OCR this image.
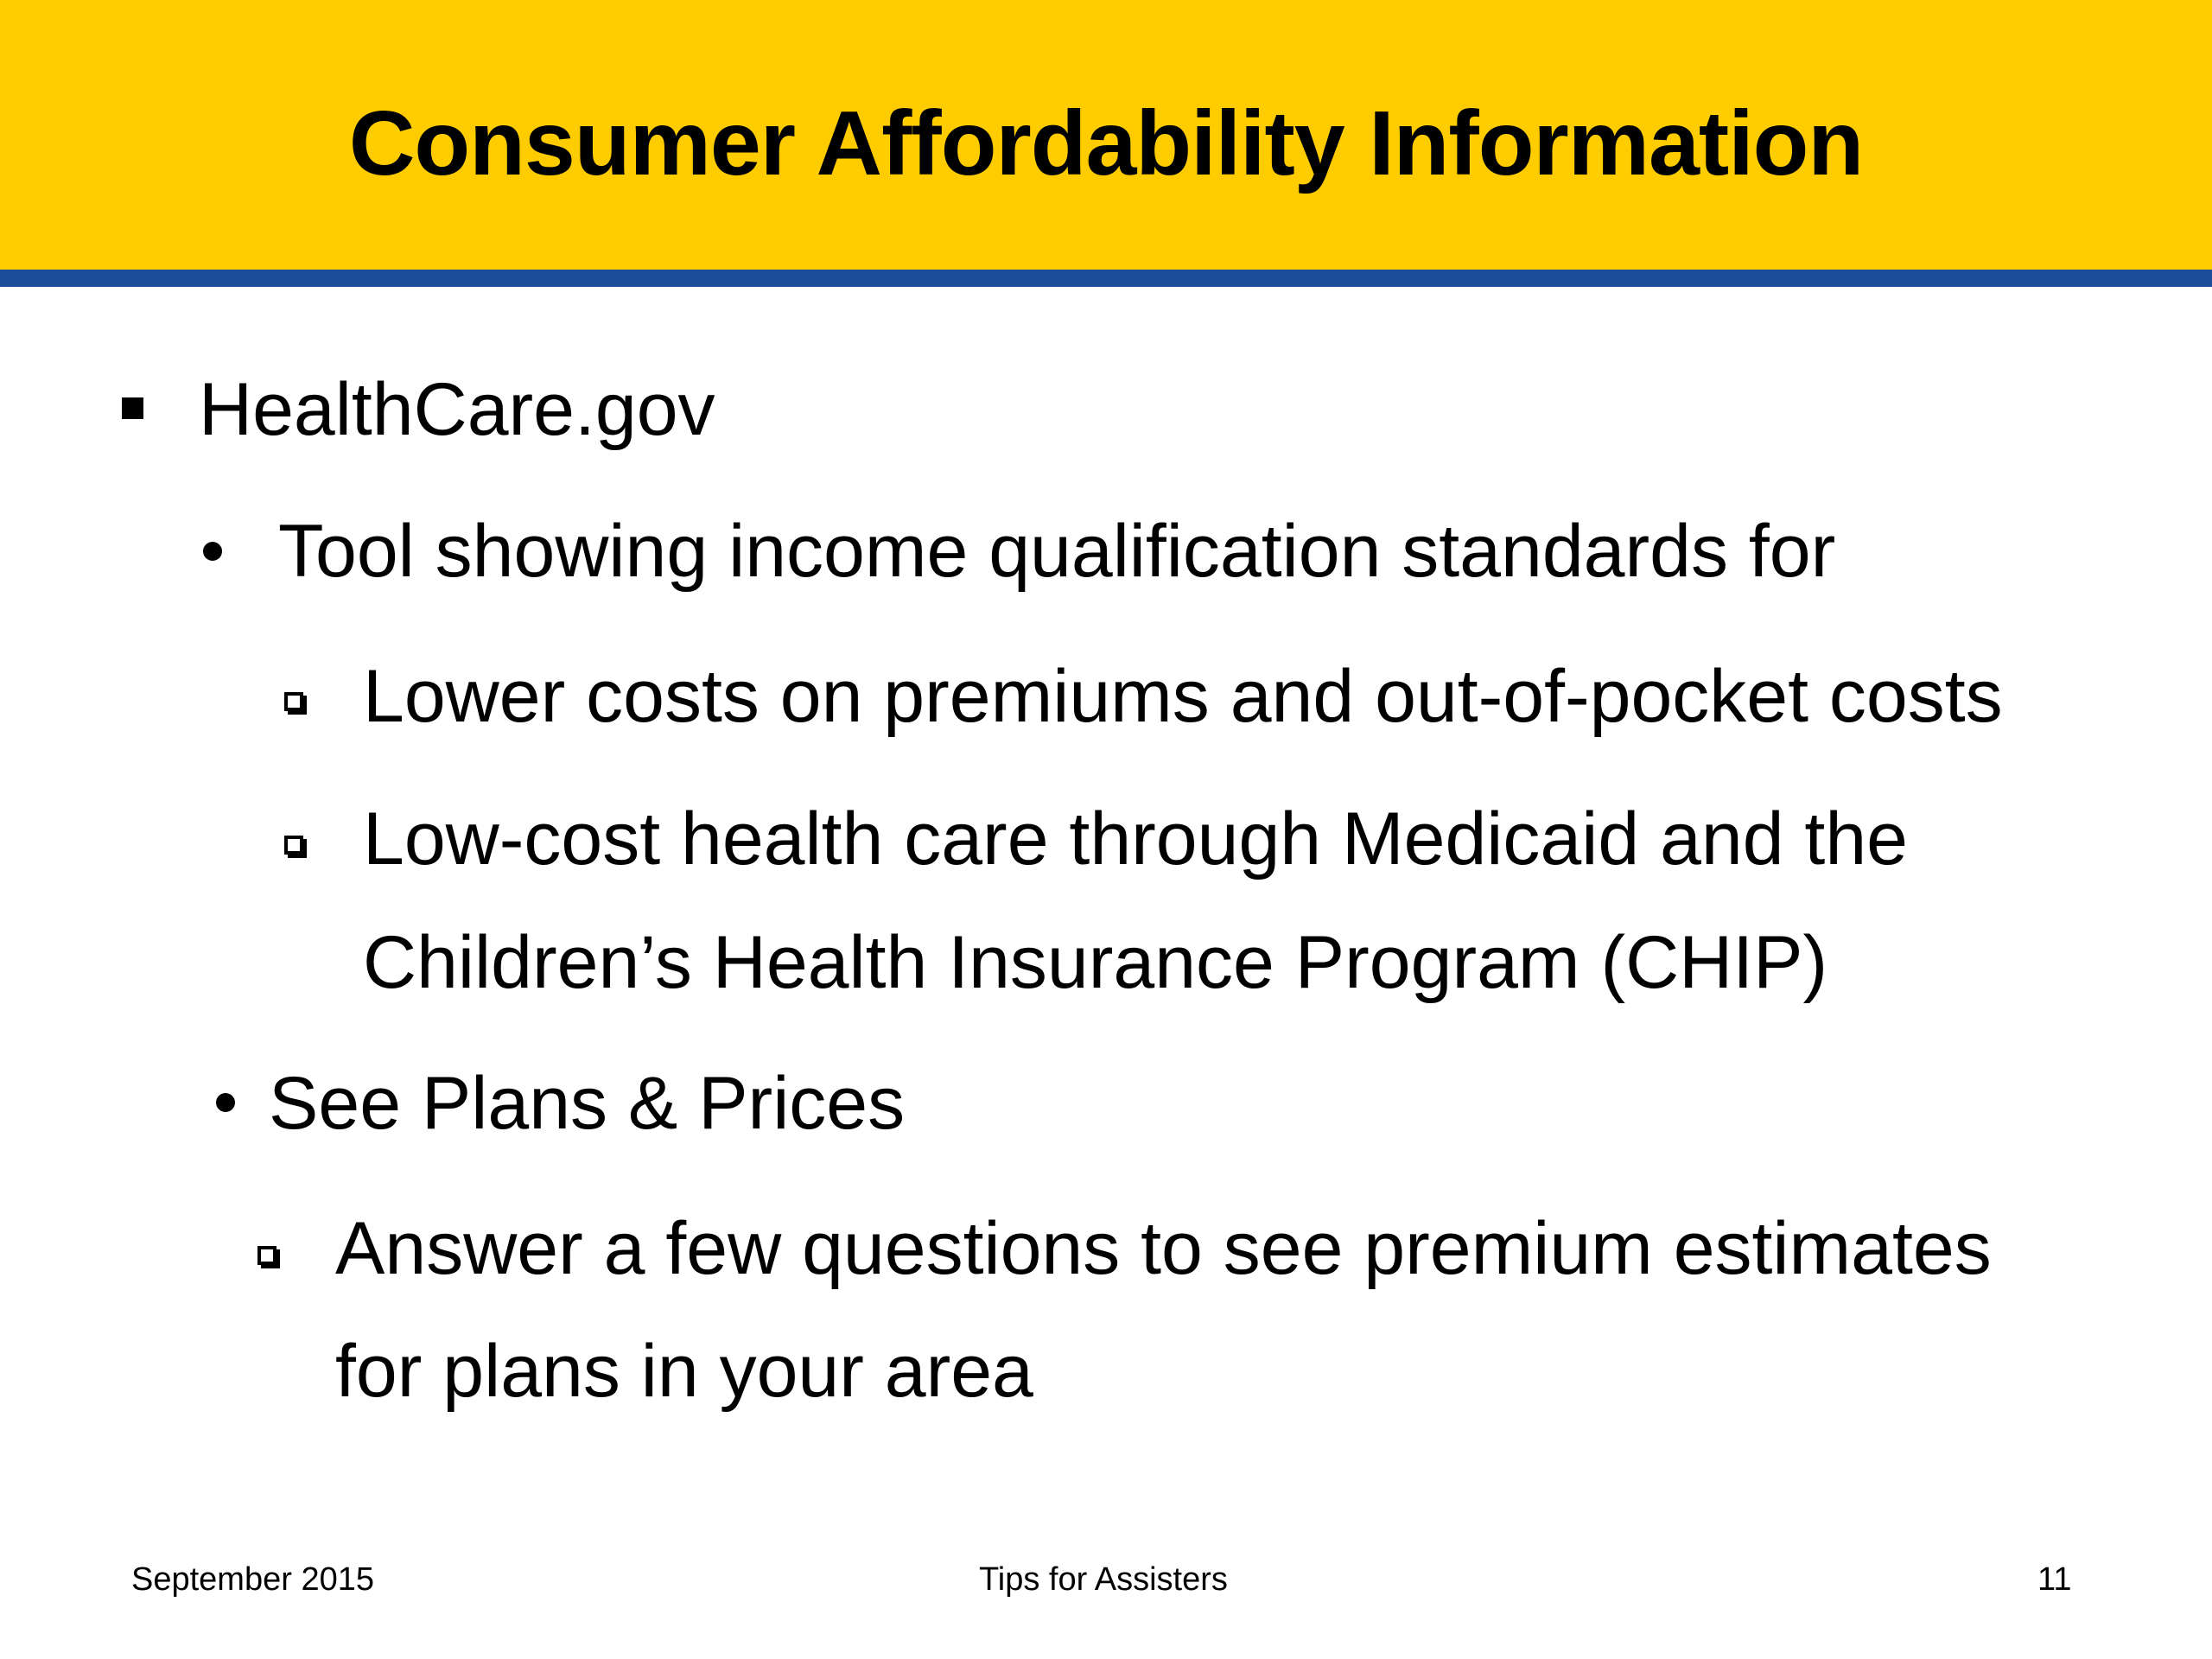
Consumer Affordability Information
HealthCare.gov
Tool showing income qualification standards for
Lower costs on premiums and out-of-pocket costs
Low-cost health care through Medicaid and the
Children’s Health Insurance Program (CHIP)
See Plans & Prices
Answer a few questions to see premium estimates
for plans in your area
September 2015	Tips for Assisters	11
